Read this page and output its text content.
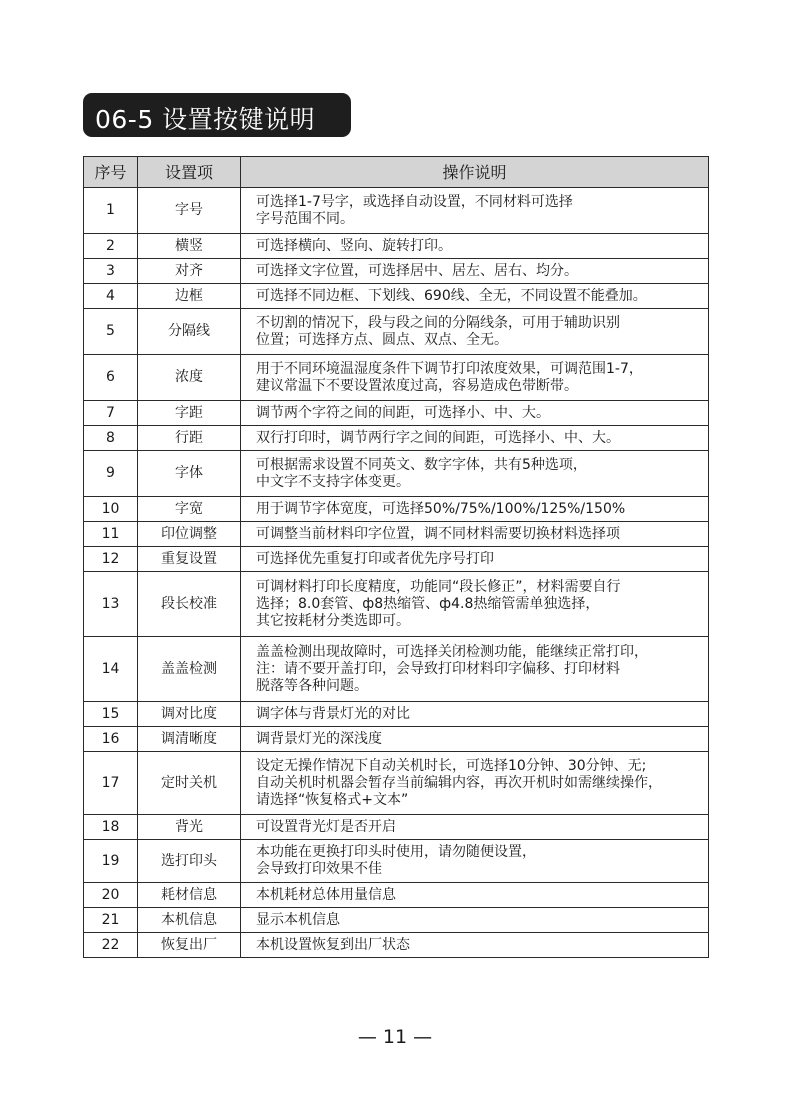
06-5 设置按键说明
序号	设置项	操作说明
1	字号	可选择1-7号字，或选择自动设置，不同材料可选择
字号范围不同。
2	横竖	可选择横向、竖向、旋转打印。
3	对齐	可选择文字位置，可选择居中、居左、居右、均分。
4	边框	可选择不同边框、下划线、690线、全无，不同设置不能叠加。
5	分隔线	不切割的情况下，段与段之间的分隔线条，可用于辅助识别
位置；可选择方点、圆点、双点、全无。
6	浓度	用于不同环境温湿度条件下调节打印浓度效果，可调范围1-7，
建议常温下不要设置浓度过高，容易造成色带断带。
7	字距	调节两个字符之间的间距，可选择小、中、大。
8	行距	双行打印时，调节两行字之间的间距，可选择小、中、大。
9	字体	可根据需求设置不同英文、数字字体，共有5种选项，
中文字不支持字体变更。
10	字宽	用于调节字体宽度，可选择50%/75%/100%/125%/150%
11	印位调整	可调整当前材料印字位置，调不同材料需要切换材料选择项
12	重复设置	可选择优先重复打印或者优先序号打印
13	段长校准	可调材料打印长度精度，功能同“段长修正”，材料需要自行
选择；8.0套管、ф8热缩管、ф4.8热缩管需单独选择，
其它按耗材分类选即可。
14	盖盖检测	盖盖检测出现故障时，可选择关闭检测功能，能继续正常打印，
注：请不要开盖打印，会导致打印材料印字偏移、打印材料
脱落等各种问题。
15	调对比度	调字体与背景灯光的对比
16	调清晰度	调背景灯光的深浅度
17	定时关机	设定无操作情况下自动关机时长，可选择10分钟、30分钟、无;
自动关机时机器会暂存当前编辑内容，再次开机时如需继续操作，
请选择“恢复格式+文本”
18	背光	可设置背光灯是否开启
19	选打印头	本功能在更换打印头时使用，请勿随便设置，
会导致打印效果不佳
20	耗材信息	本机耗材总体用量信息
21	本机信息	显示本机信息
22	恢复出厂	本机设置恢复到出厂状态
— 11 —
